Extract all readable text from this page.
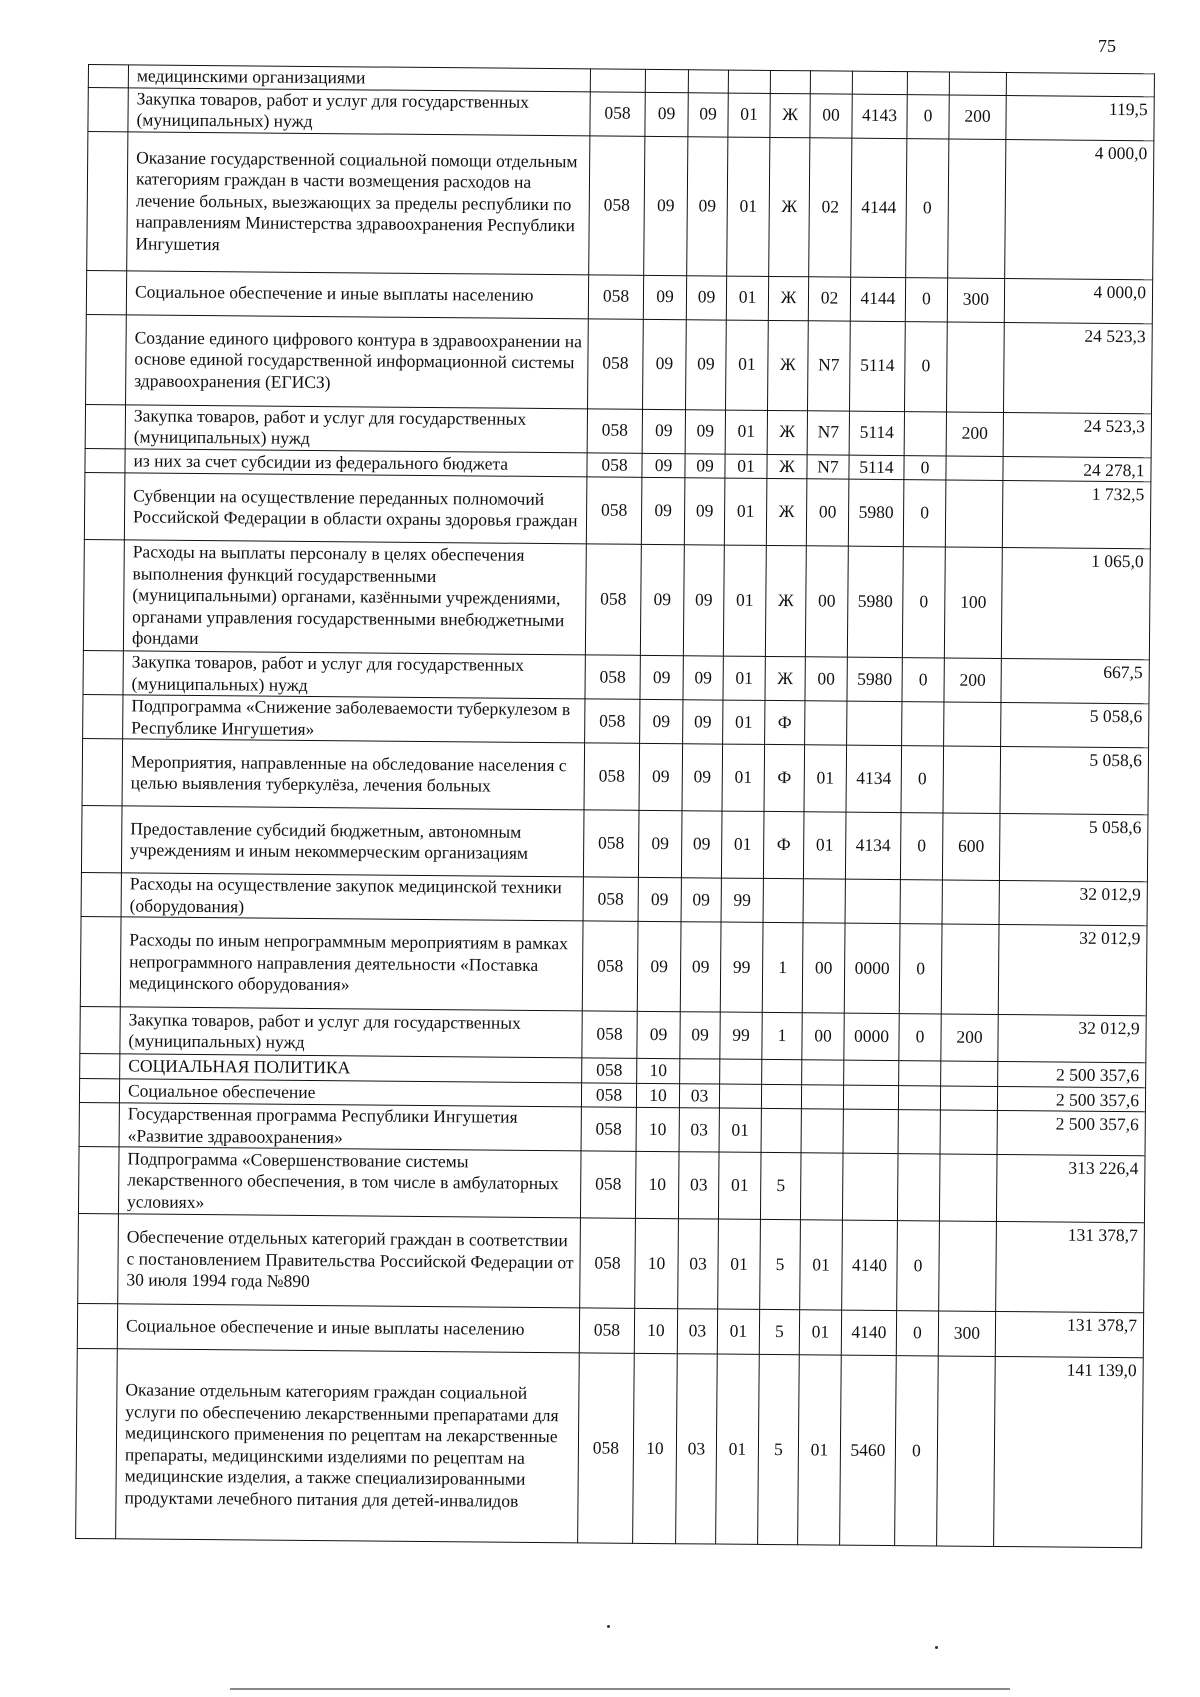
75
	медицинскими организациями										
	Закупка товаров, работ и услуг для государственных (муниципальных) нужд	058	09	09	01	Ж	00	4143	0	200	119,5
	Оказание государственной социальной помощи отдельным категориям граждан в части возмещения расходов на лечение больных, выезжающих за пределы республики по направлениям Министерства здравоохранения Республики Ингушетия	058	09	09	01	Ж	02	4144	0		4 000,0
	Социальное обеспечение и иные выплаты населению	058	09	09	01	Ж	02	4144	0	300	4 000,0
	Создание единого цифрового контура в здравоохранении на основе единой государственной информационной системы здравоохранения (ЕГИСЗ)	058	09	09	01	Ж	N7	5114	0		24 523,3
	Закупка товаров, работ и услуг для государственных (муниципальных) нужд	058	09	09	01	Ж	N7	5114		200	24 523,3
	из них за счет субсидии из федерального бюджета	058	09	09	01	Ж	N7	5114	0		24 278,1
	Субвенции на осуществление переданных полномочий Российской Федерации в области охраны здоровья граждан	058	09	09	01	Ж	00	5980	0		1 732,5
	Расходы на выплаты персоналу в целях обеспечения выполнения функций государственными (муниципальными) органами, казёнными учреждениями, органами управления государственными внебюджетными фондами	058	09	09	01	Ж	00	5980	0	100	1 065,0
	Закупка товаров, работ и услуг для государственных (муниципальных) нужд	058	09	09	01	Ж	00	5980	0	200	667,5
	Подпрограмма «Снижение заболеваемости туберкулезом в Республике Ингушетия»	058	09	09	01	Ф					5 058,6
	Мероприятия, направленные на обследование населения с целью выявления туберкулёза, лечения больных	058	09	09	01	Ф	01	4134	0		5 058,6
	Предоставление субсидий бюджетным, автономным учреждениям и иным некоммерческим организациям	058	09	09	01	Ф	01	4134	0	600	5 058,6
	Расходы на осуществление закупок медицинской техники (оборудования)	058	09	09	99						32 012,9
	Расходы по иным непрограммным мероприятиям в рамках непрограммного направления деятельности «Поставка медицинского оборудования»	058	09	09	99	1	00	0000	0		32 012,9
	Закупка товаров, работ и услуг для государственных (муниципальных) нужд	058	09	09	99	1	00	0000	0	200	32 012,9
	СОЦИАЛЬНАЯ ПОЛИТИКА	058	10								2 500 357,6
	Социальное обеспечение	058	10	03							2 500 357,6
	Государственная программа Республики Ингушетия «Развитие здравоохранения»	058	10	03	01						2 500 357,6
	Подпрограмма «Совершенствование системы лекарственного обеспечения, в том числе в амбулаторных условиях»	058	10	03	01	5					313 226,4
	Обеспечение отдельных категорий граждан в соответствии с постановлением Правительства Российской Федерации от 30 июля 1994 года №890	058	10	03	01	5	01	4140	0		131 378,7
	Социальное обеспечение и иные выплаты населению	058	10	03	01	5	01	4140	0	300	131 378,7
	Оказание отдельным категориям граждан социальной услуги по обеспечению лекарственными препаратами для медицинского применения по рецептам на лекарственные препараты, медицинскими изделиями по рецептам на медицинские изделия, а также специализированными продуктами лечебного питания для детей-инвалидов	058	10	03	01	5	01	5460	0		141 139,0
